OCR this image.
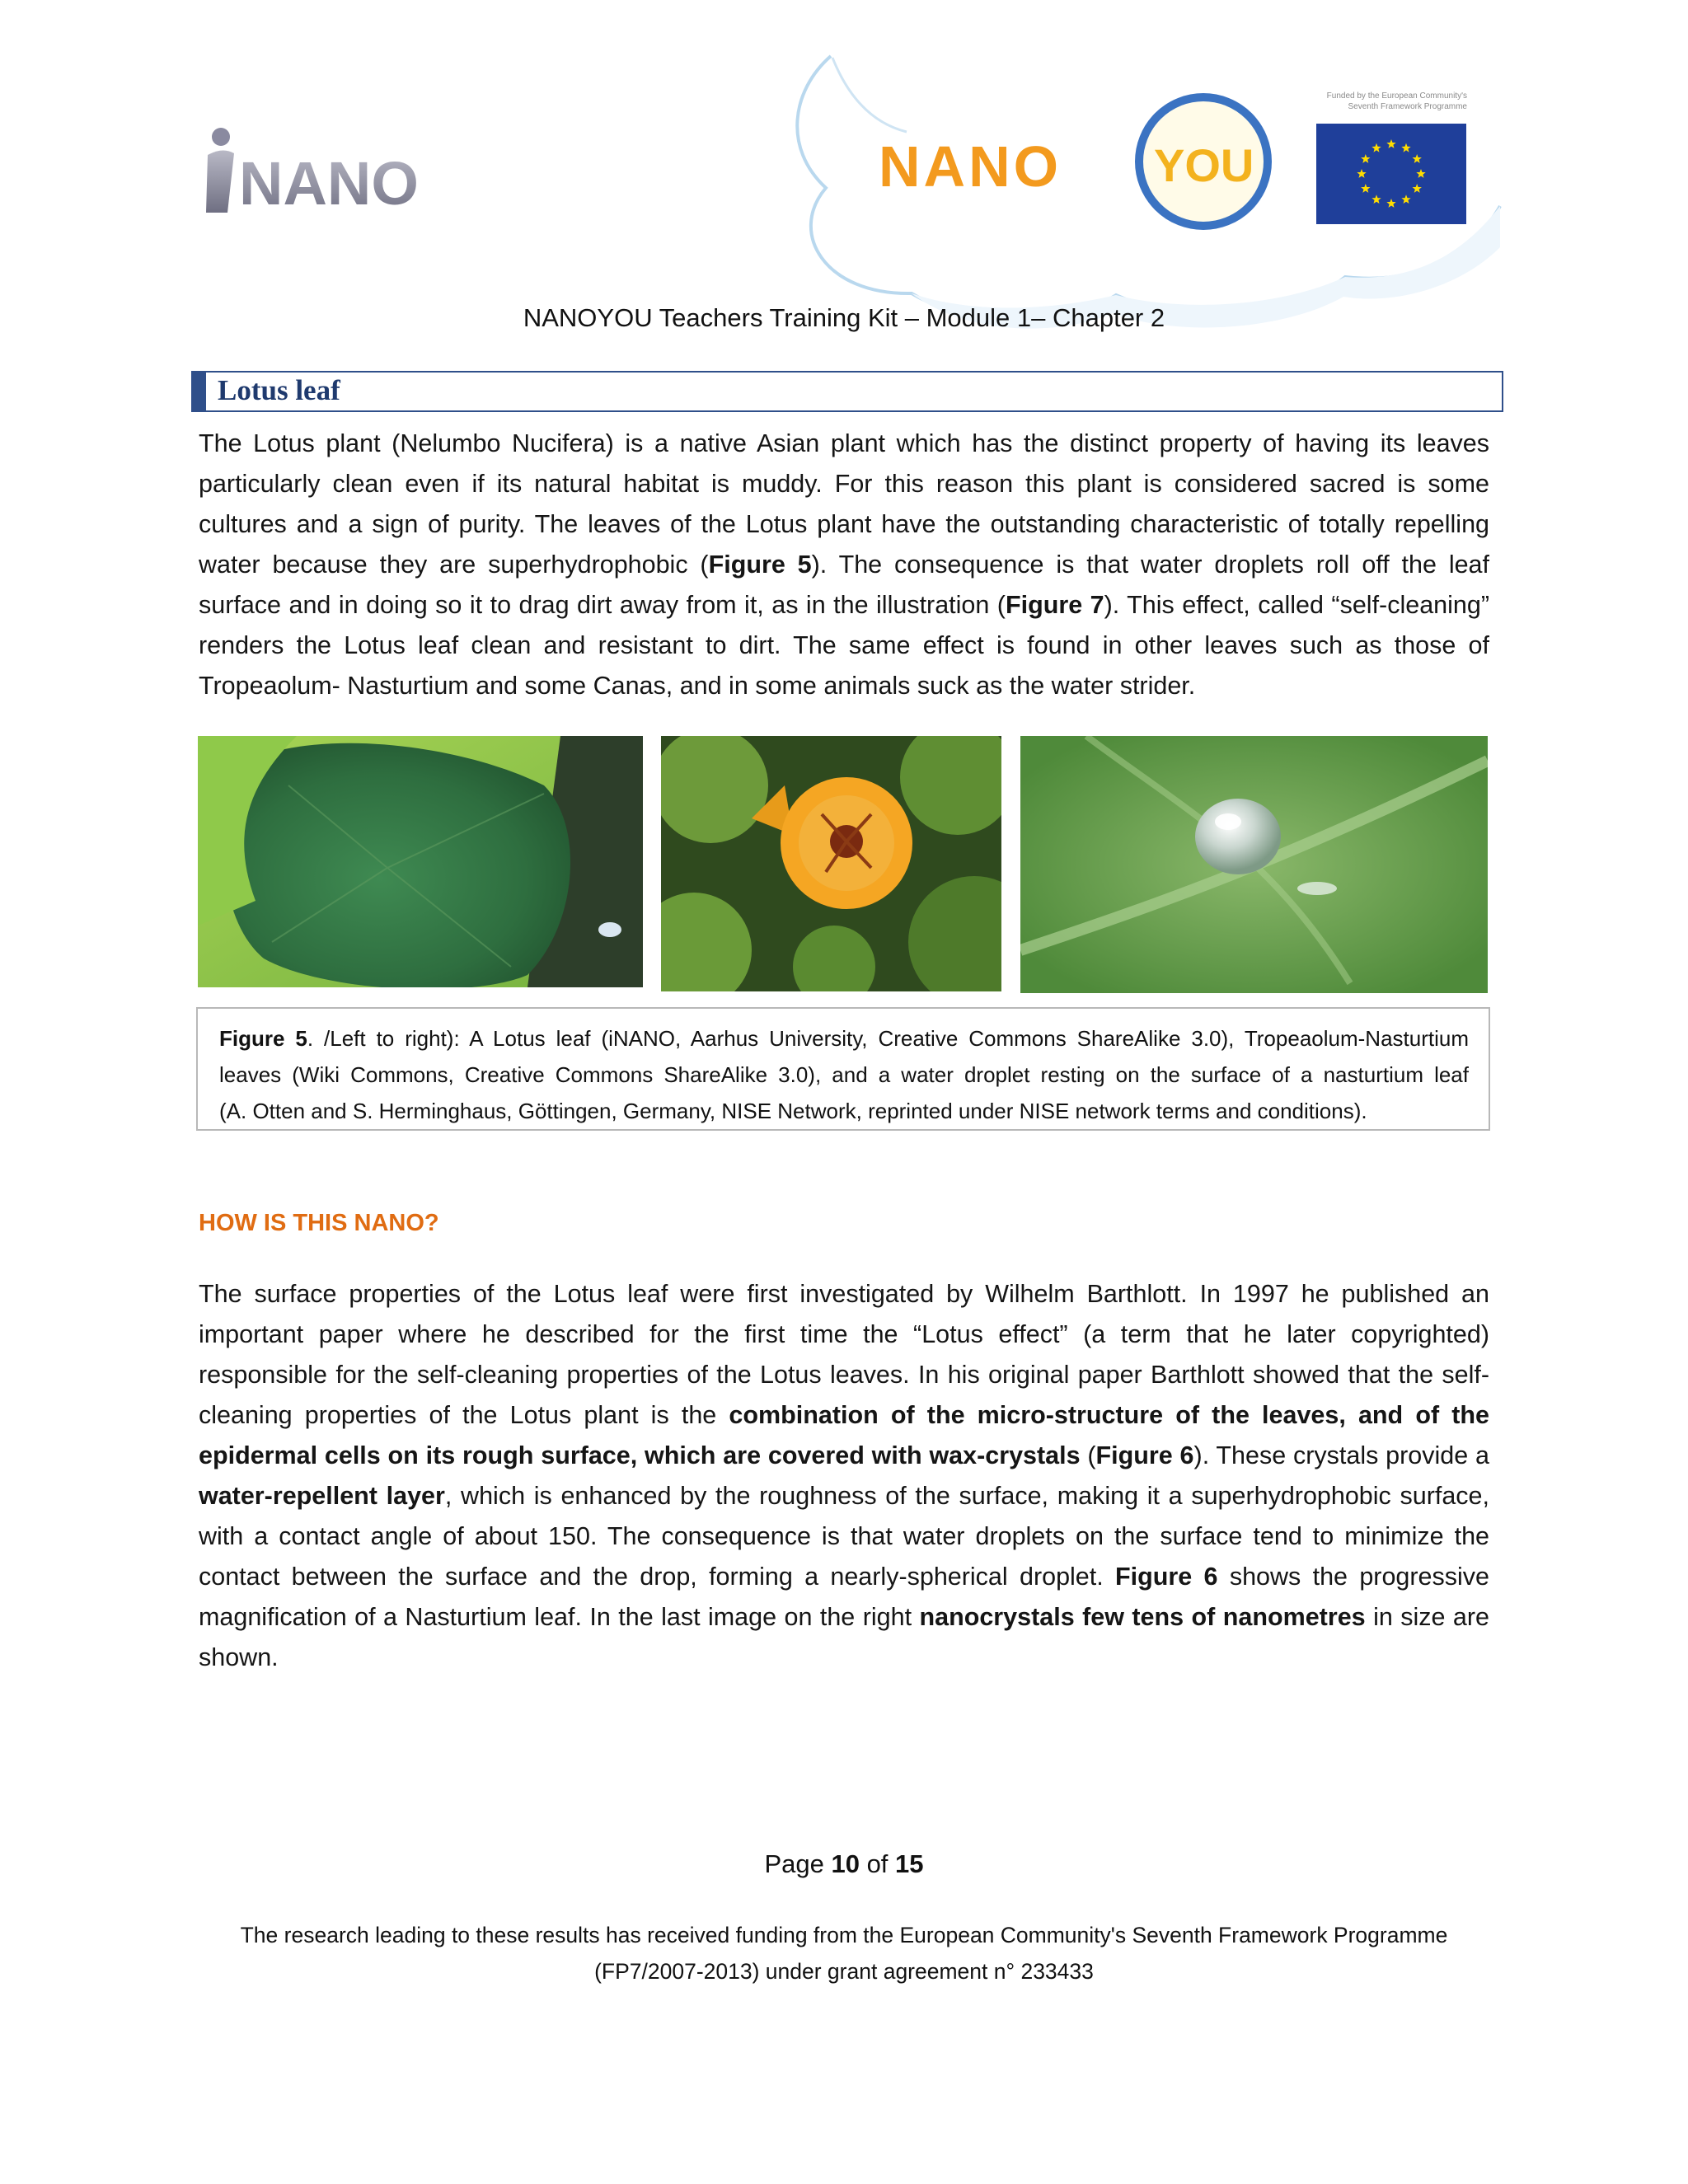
NANO	NANO YOU
Funded by the European Community's
Seventh Framework Programme
NANOYOU Teachers Training Kit – Module 1– Chapter 2
Lotus leaf
The Lotus plant (Nelumbo Nucifera) is a native Asian plant which has the distinct property of having its leaves
particularly clean even if its natural habitat is muddy. For this reason this plant is considered sacred is some
cultures and a sign of purity. The leaves of the Lotus plant have the outstanding characteristic of totally repelling
water because they are superhydrophobic (Figure 5). The consequence is that water droplets roll off the leaf
surface and in doing so it to drag dirt away from it, as in the illustration (Figure 7). This effect, called “self-cleaning”
renders the Lotus leaf clean and resistant to dirt. The same effect is found in other leaves such as those of
Tropeaolum- Nasturtium and some Canas, and in some animals suck as the water strider.
Figure 5. /Left to right): A Lotus leaf (iNANO, Aarhus University, Creative Commons ShareAlike 3.0), Tropeaolum-Nasturtium
leaves (Wiki Commons, Creative Commons ShareAlike 3.0), and a water droplet resting on the surface of a nasturtium leaf
(A. Otten and S. Herminghaus, Göttingen, Germany, NISE Network, reprinted under NISE network terms and conditions).
HOW IS THIS NANO?
The surface properties of the Lotus leaf were first investigated by Wilhelm Barthlott. In 1997 he published an
important paper where he described for the first time the “Lotus effect” (a term that he later copyrighted)
responsible for the self-cleaning properties of the Lotus leaves. In his original paper Barthlott showed that the self-
cleaning properties of the Lotus plant is the combination of the micro-structure of the leaves, and of the
epidermal cells on its rough surface, which are covered with wax-crystals (Figure 6). These crystals provide a
water-repellent layer, which is enhanced by the roughness of the surface, making it a superhydrophobic surface,
with a contact angle of about 150. The consequence is that water droplets on the surface tend to minimize the
contact between the surface and the drop, forming a nearly-spherical droplet. Figure 6 shows the progressive
magnification of a Nasturtium leaf. In the last image on the right nanocrystals few tens of nanometres in size are
shown.
Page 10 of 15
The research leading to these results has received funding from the European Community's Seventh Framework Programme
(FP7/2007-2013) under grant agreement n° 233433
